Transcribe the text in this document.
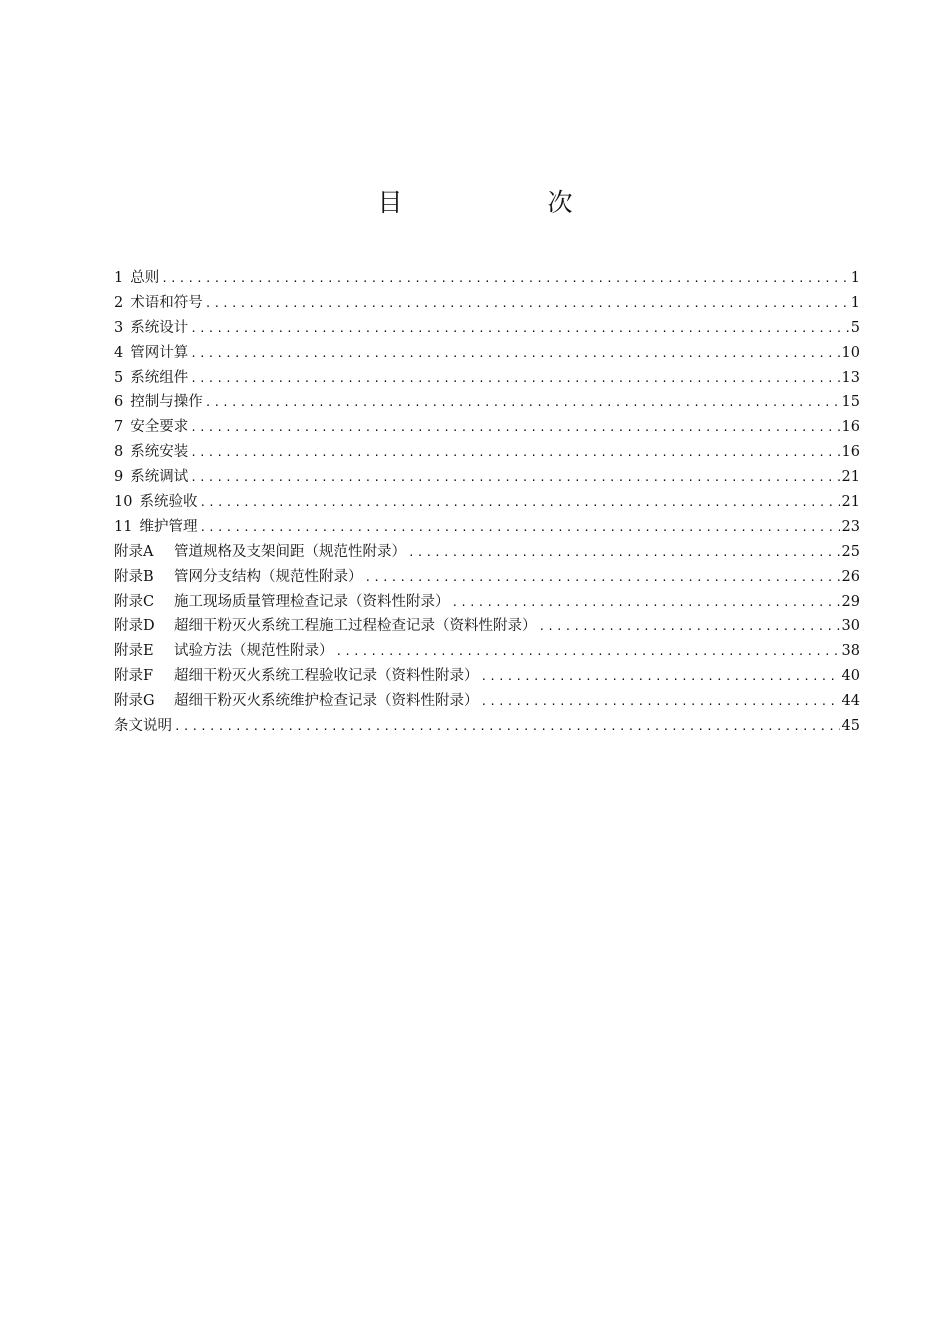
目　次
1 总则 .....	1
2 术语和符号 .....	1
3 系统设计 .....	5
4 管网计算 .....	10
5 系统组件 .....	13
6 控制与操作 .....	15
7 安全要求 .....	16
8 系统安装 .....	16
9 系统调试 .....	21
10 系统验收 .....	21
11 维护管理 .....	23
附录A	管道规格及支架间距（规范性附录） .....	25
附录B	管网分支结构（规范性附录） .....	26
附录C	施工现场质量管理检查记录（资料性附录） .....	29
附录D	超细干粉灭火系统工程施工过程检查记录（资料性附录） .....	30
附录E	试验方法（规范性附录） .....	38
附录F	超细干粉灭火系统工程验收记录（资料性附录） .....	40
附录G	超细干粉灭火系统维护检查记录（资料性附录） .....	44
条文说明 .....	45
